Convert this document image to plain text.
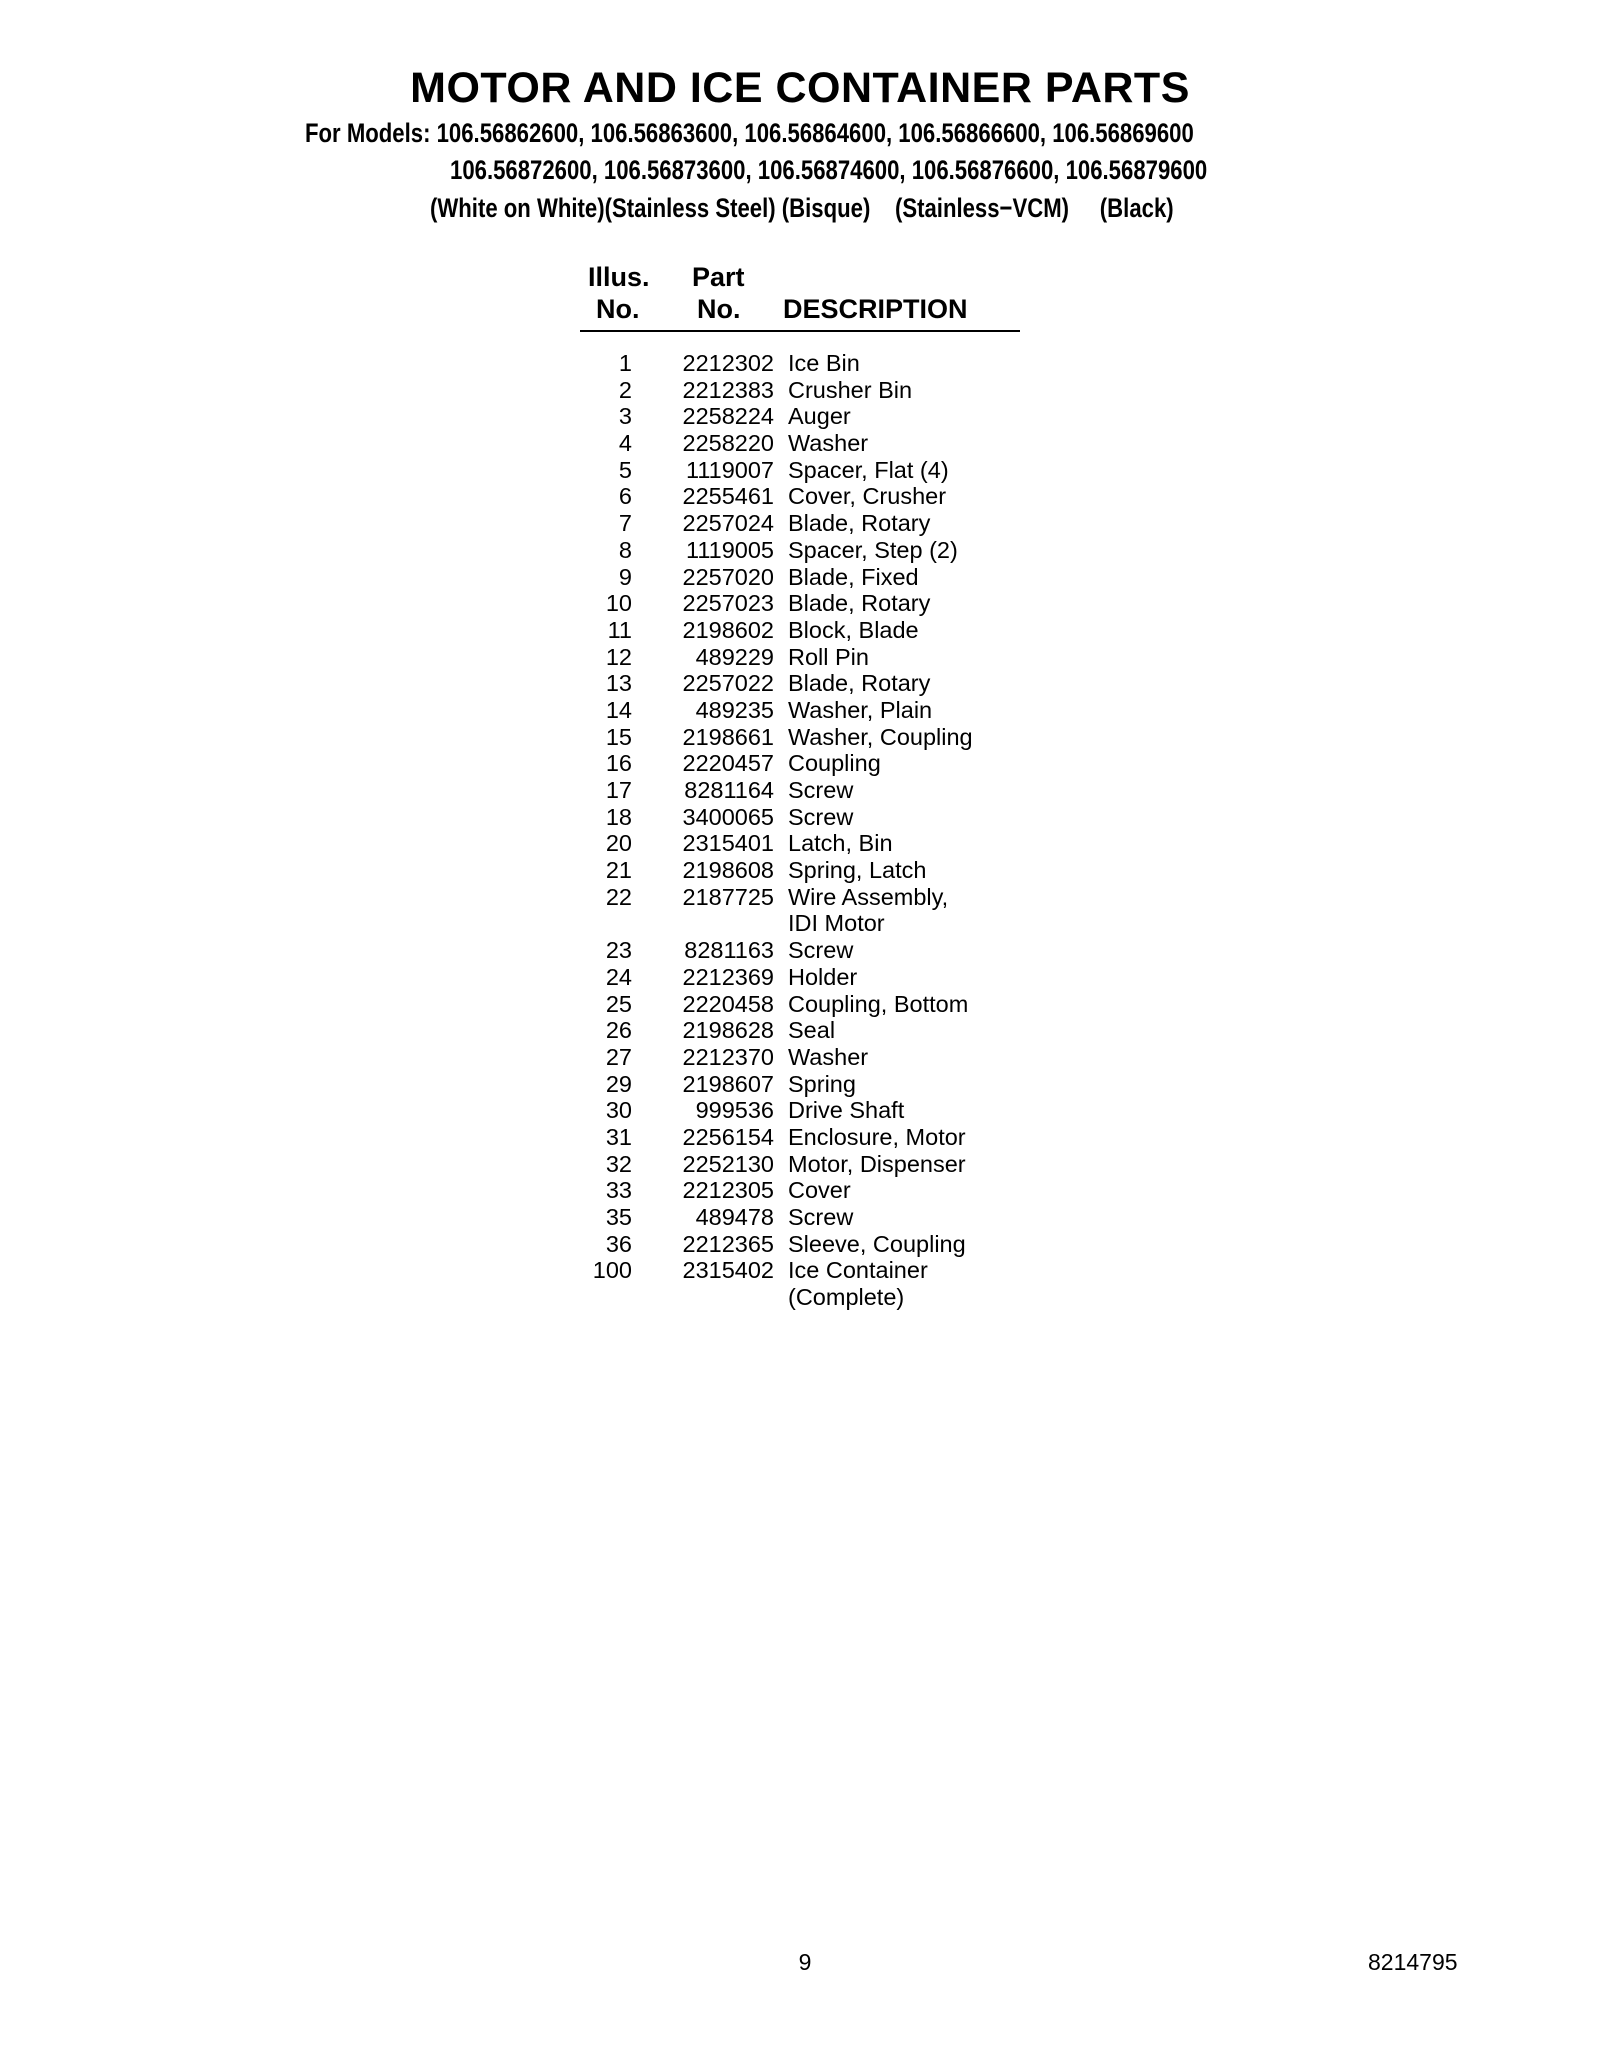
MOTOR AND ICE CONTAINER PARTS
For Models: 106.56862600, 106.56863600, 106.56864600, 106.56866600, 106.56869600
106.56872600, 106.56873600, 106.56874600, 106.56876600, 106.56879600
(White on White)(Stainless Steel) (Bisque)    (Stainless−VCM)     (Black)
Illus.
No.
Part
No. DESCRIPTION
1	2212302 Ice Bin
2	2212383 Crusher Bin
3	2258224 Auger
4	2258220 Washer
5	1119007 Spacer, Flat (4)
6	2255461 Cover, Crusher
7	2257024 Blade, Rotary
8	1119005 Spacer, Step (2)
9	2257020 Blade, Fixed
10	2257023 Blade, Rotary
11	2198602 Block, Blade
12	489229 Roll Pin
13	2257022 Blade, Rotary
14	489235 Washer, Plain
15	2198661 Washer, Coupling
16	2220457 Coupling
17	8281164 Screw
18	3400065 Screw
20	2315401 Latch, Bin
21	2198608 Spring, Latch
22	2187725 Wire Assembly,
IDI Motor
23	8281163 Screw
24	2212369 Holder
25	2220458 Coupling, Bottom
26	2198628 Seal
27	2212370 Washer
29	2198607 Spring
30	999536 Drive Shaft
31	2256154 Enclosure, Motor
32	2252130 Motor, Dispenser
33	2212305 Cover
35	489478 Screw
36	2212365 Sleeve, Coupling
100	2315402 Ice Container
(Complete)
9	8214795
